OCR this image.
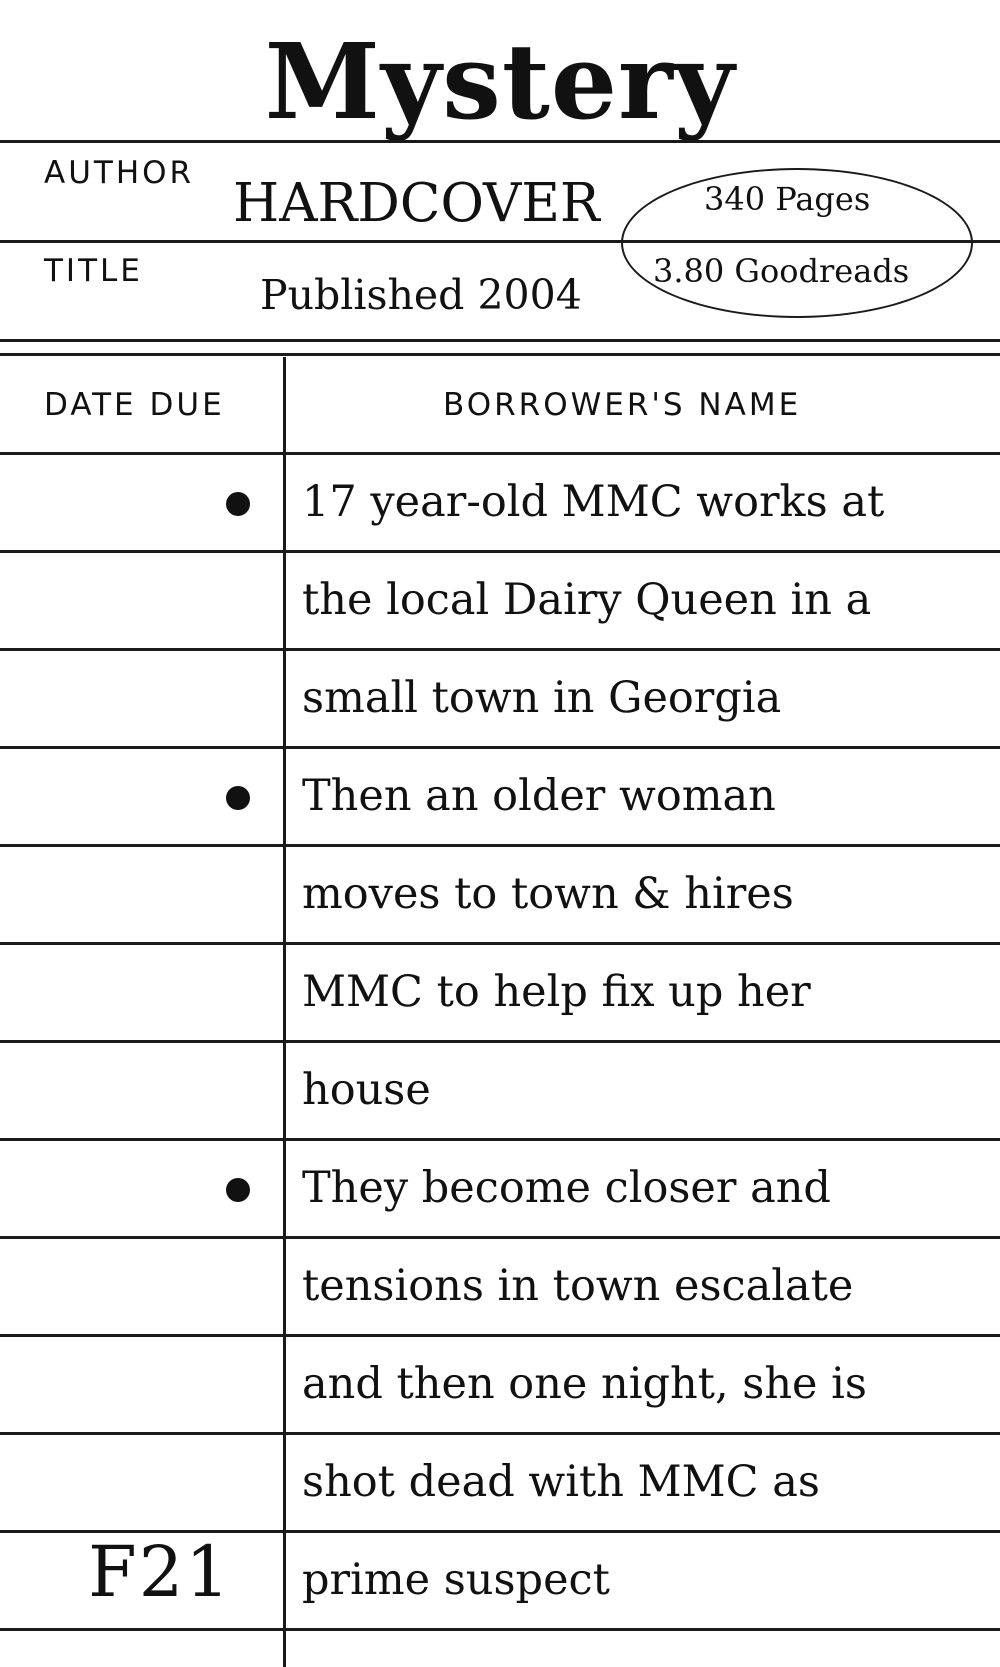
Mystery
AUTHOR HARDCOVER
TITLE	Published 2004
340 Pages
3.80 Goodreads
DATE DUE	BORROWER'S NAME
17 year-old MMC works at
the local Dairy Queen in a
small town in Georgia
Then an older woman
moves to town & hires
MMC to help fix up her
house
They become closer and
tensions in town escalate
and then one night, she is
shot dead with MMC as
prime suspect
F21
